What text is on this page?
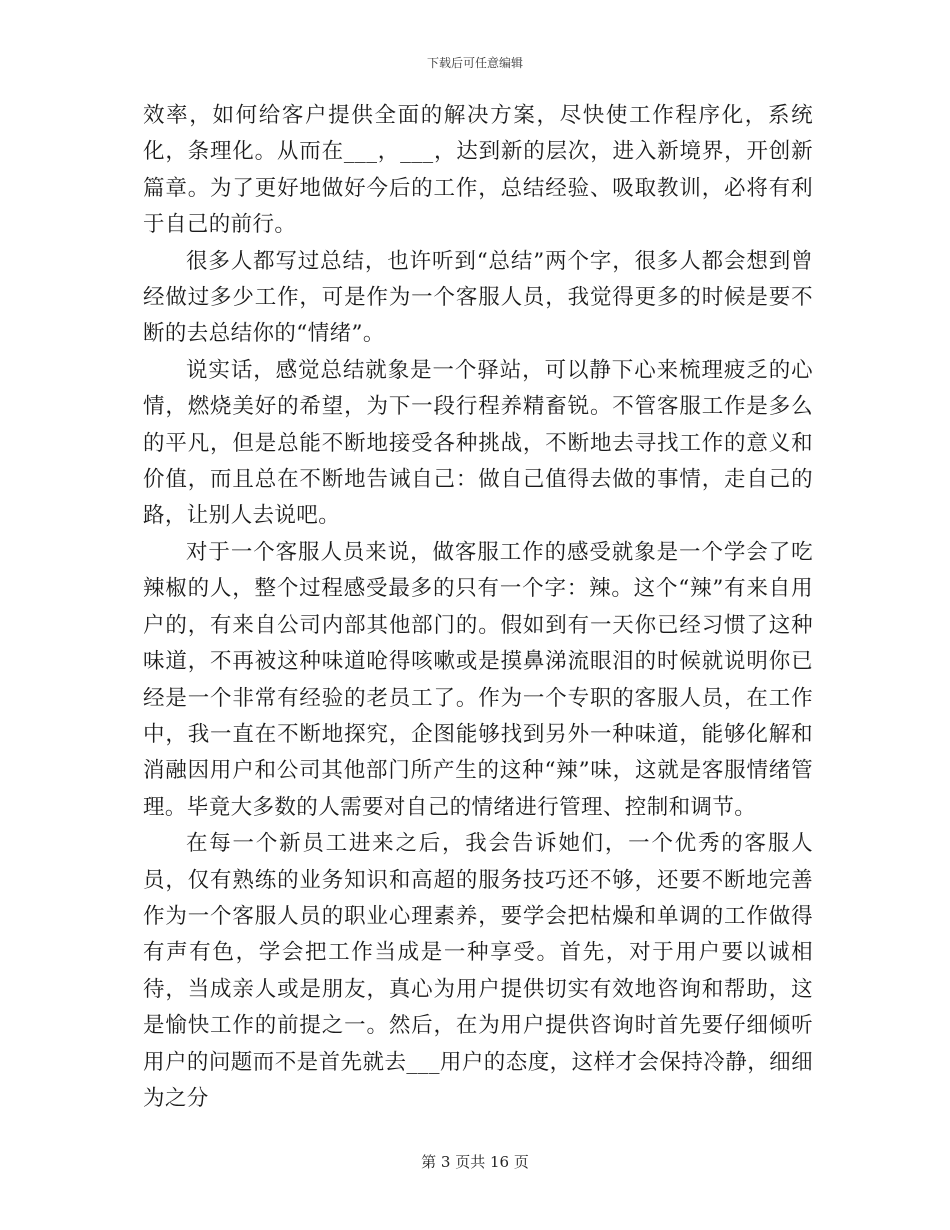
下载后可任意编辑

效率，如何给客户提供全面的解决方案，尽快使工作程序化，系统化，条理化。从而在___，___，达到新的层次，进入新境界，开创新篇章。为了更好地做好今后的工作，总结经验、吸取教训，必将有利于自己的前行。

很多人都写过总结，也许听到“总结”两个字，很多人都会想到曾经做过多少工作，可是作为一个客服人员，我觉得更多的时候是要不断的去总结你的“情绪”。

说实话，感觉总结就象是一个驿站，可以静下心来梳理疲乏的心情，燃烧美好的希望，为下一段行程养精畜锐。不管客服工作是多么的平凡，但是总能不断地接受各种挑战，不断地去寻找工作的意义和价值，而且总在不断地告诫自己：做自己值得去做的事情，走自己的路，让别人去说吧。

对于一个客服人员来说，做客服工作的感受就象是一个学会了吃辣椒的人，整个过程感受最多的只有一个字：辣。这个“辣”有来自用户的，有来自公司内部其他部门的。假如到有一天你已经习惯了这种味道，不再被这种味道呛得咳嗽或是摸鼻涕流眼泪的时候就说明你已经是一个非常有经验的老员工了。作为一个专职的客服人员，在工作中，我一直在不断地探究，企图能够找到另外一种味道，能够化解和消融因用户和公司其他部门所产生的这种“辣”味，这就是客服情绪管理。毕竟大多数的人需要对自己的情绪进行管理、控制和调节。

在每一个新员工进来之后，我会告诉她们，一个优秀的客服人员，仅有熟练的业务知识和高超的服务技巧还不够，还要不断地完善作为一个客服人员的职业心理素养，要学会把枯燥和单调的工作做得有声有色，学会把工作当成是一种享受。首先，对于用户要以诚相待，当成亲人或是朋友，真心为用户提供切实有效地咨询和帮助，这是愉快工作的前提之一。然后，在为用户提供咨询时首先要仔细倾听用户的问题而不是首先就去___用户的态度，这样才会保持冷静，细细为之分

第 3 页共 16 页
